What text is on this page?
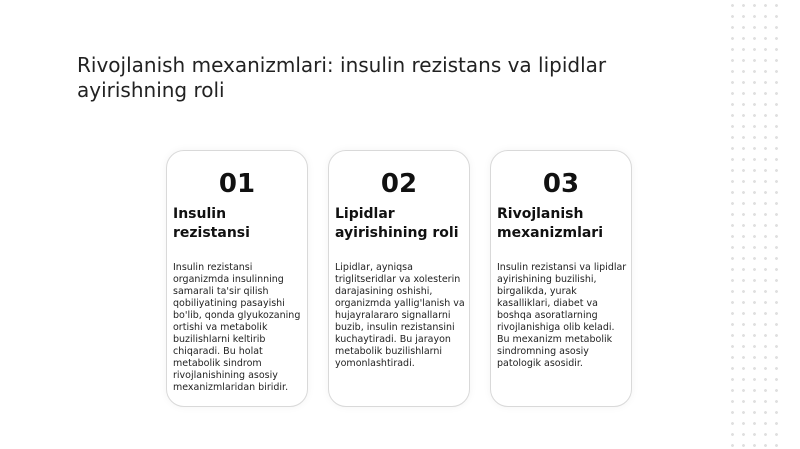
Rivojlanish mexanizmlari: insulin rezistans va lipidlar ayirishning roli
01
Insulin rezistansi
Insulin rezistansi organizmda insulinning samarali ta'sir qilish qobiliyatining pasayishi bo'lib, qonda glyukozaning ortishi va metabolik buzilishlarni keltirib chiqaradi. Bu holat metabolik sindrom rivojlanishining asosiy mexanizmlaridan biridir.
02
Lipidlar ayirishining roli
Lipidlar, ayniqsa triglitseridlar va xolesterin darajasining oshishi, organizmda yallig'lanish va hujayralararo signallarni buzib, insulin rezistansini kuchaytiradi. Bu jarayon metabolik buzilishlarni yomonlashtiradi.
03
Rivojlanish mexanizmlari
Insulin rezistansi va lipidlar ayirishining buzilishi, birgalikda, yurak kasalliklari, diabet va boshqa asoratlarning rivojlanishiga olib keladi. Bu mexanizm metabolik sindromning asosiy patologik asosidir.
